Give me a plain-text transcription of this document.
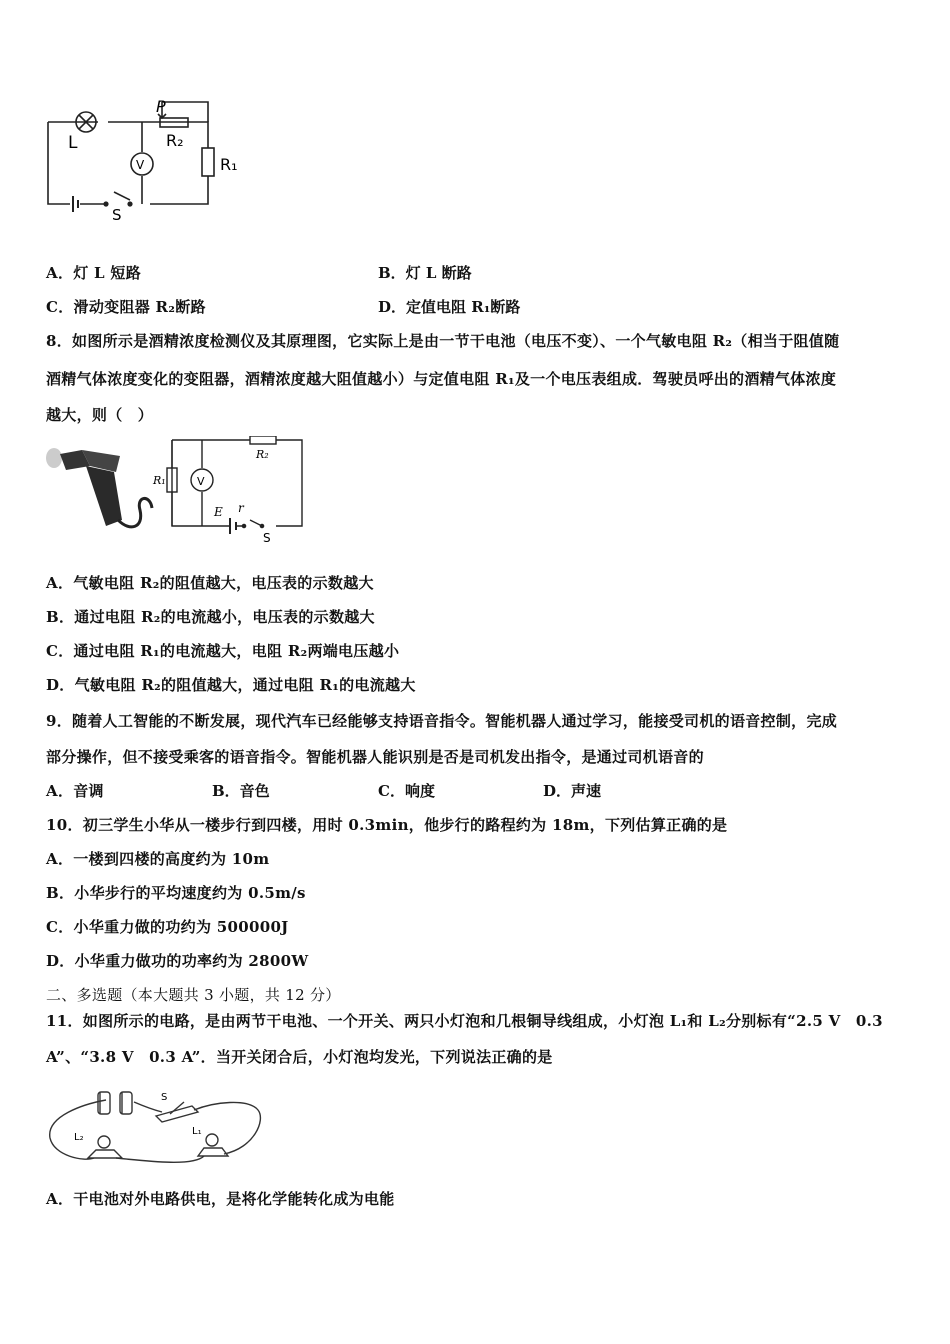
L
P
R₂
R₁
V
S
A．灯 L 短路	B．灯 L 断路
C．滑动变阻器 R₂断路	D．定值电阻 R₁断路
8．如图所示是酒精浓度检测仪及其原理图，它实际上是由一节干电池（电压不变）、一个气敏电阻 R₂（相当于阻值随
酒精气体浓度变化的变阻器，酒精浓度越大阻值越小）与定值电阻 R₁及一个电压表组成．驾驶员呼出的酒精气体浓度
越大，则（　）
R₁
R₂
V
E r
S
A．气敏电阻 R₂的阻值越大，电压表的示数越大
B．通过电阻 R₂的电流越小，电压表的示数越大
C．通过电阻 R₁的电流越大，电阻 R₂两端电压越小
D．气敏电阻 R₂的阻值越大，通过电阻 R₁的电流越大
9．随着人工智能的不断发展，现代汽车已经能够支持语音指令。智能机器人通过学习，能接受司机的语音控制，完成
部分操作，但不接受乘客的语音指令。智能机器人能识别是否是司机发出指令，是通过司机语音的
A．音调	B．音色	C．响度	D．声速
10．初三学生小华从一楼步行到四楼，用时 0.3min，他步行的路程约为 18m，下列估算正确的是
A．一楼到四楼的高度约为 10m
B．小华步行的平均速度约为 0.5m/s
C．小华重力做的功约为 500000J
D．小华重力做功的功率约为 2800W
二、多选题（本大题共 3 小题，共 12 分）
11．如图所示的电路，是由两节干电池、一个开关、两只小灯泡和几根铜导线组成，小灯泡 L₁和 L₂分别标有“2.5 V　0.3
A”、“3.8 V　0.3 A”．当开关闭合后，小灯泡均发光，下列说法正确的是
S
L₁
L₂
A．干电池对外电路供电，是将化学能转化成为电能
